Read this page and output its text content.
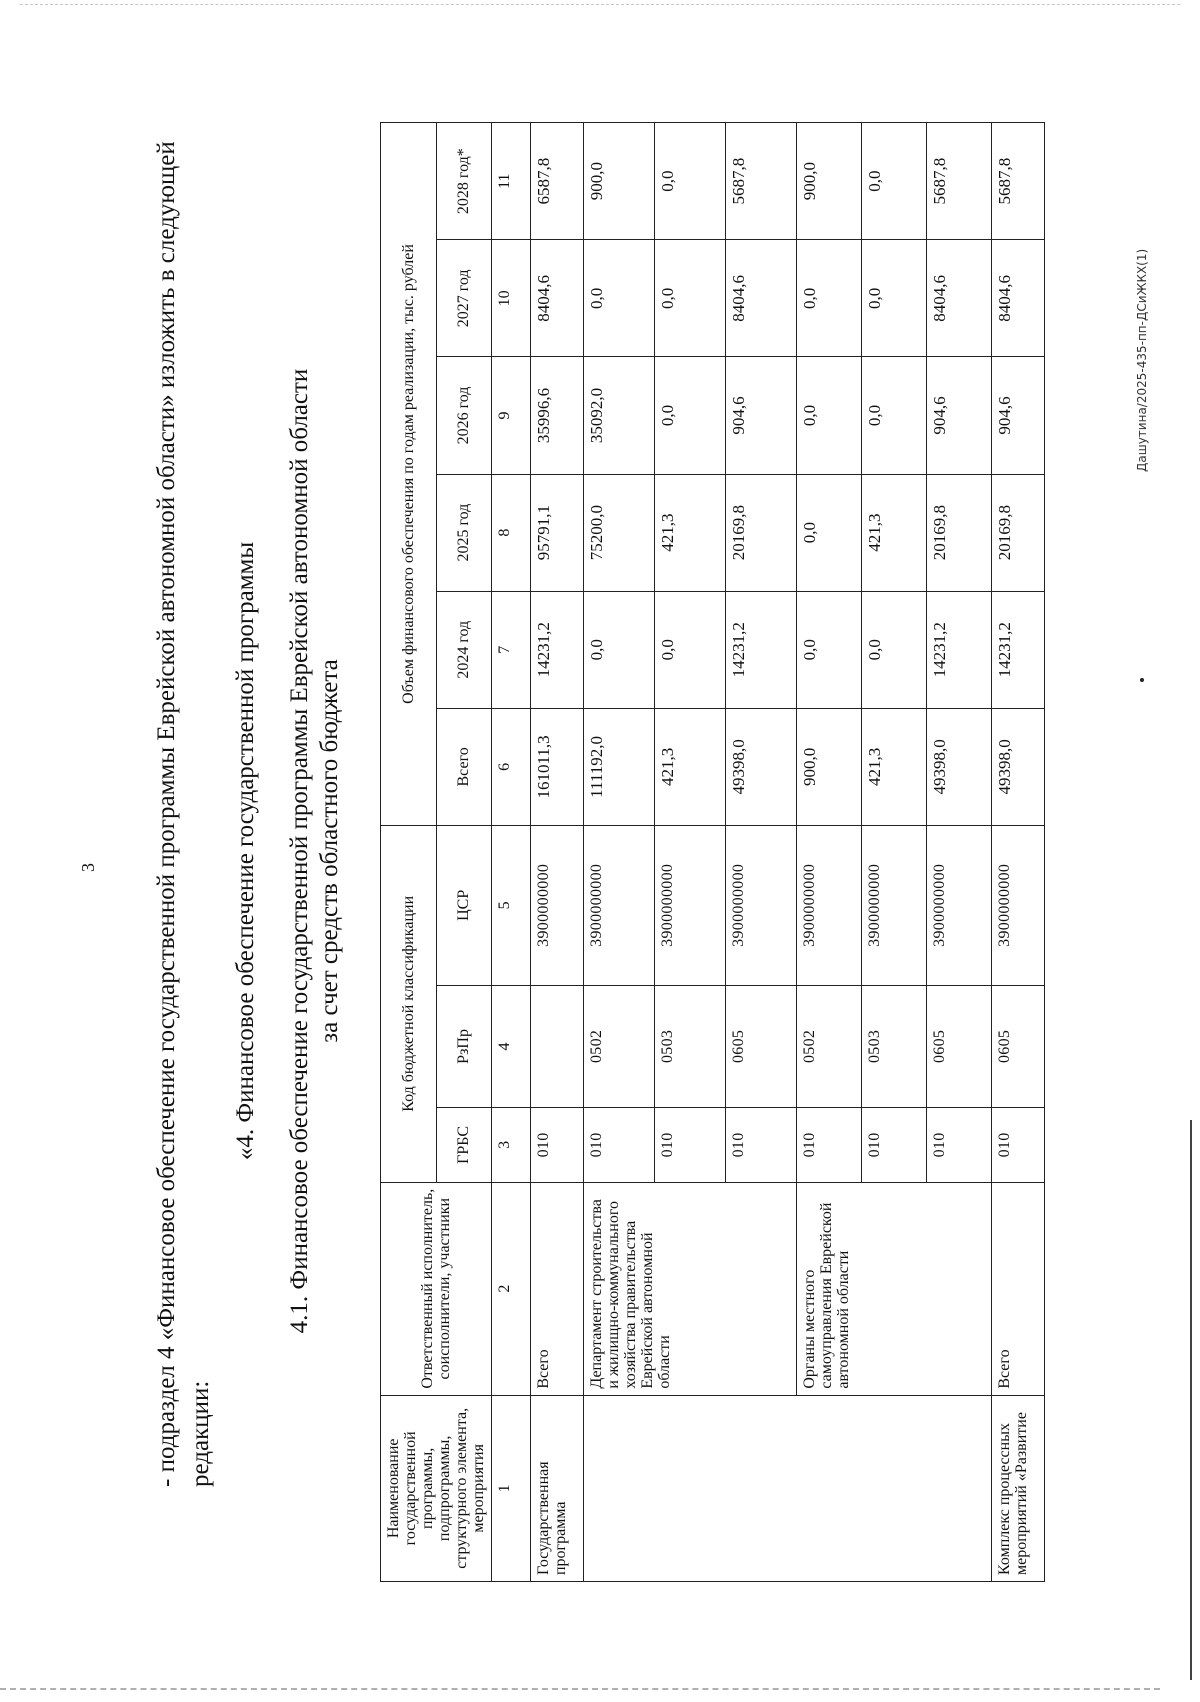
3 - подраздел 4 «Финансовое обеспечение государственной программы Еврейской автономной области» изложить в следующей редакции:
«4. Финансовое обеспечение государственной программы 4.1. Финансовое обеспечение государственной программы Еврейской автономной области за счет средств областного бюджета
Наименование государственной программы, подпрограммы, структурного элемента, мероприятия	Ответственный исполнитель, соисполнители, участники	Код бюджетной классификации			Объем финансового обеспечения по годам реализации, тыс. рублей					
		ГРБС	РзПр	ЦСР	Всего	2024 год	2025 год	2026 год	2027 год	2028 год*
1	2	3	4	5	6	7	8	9	10	11
Государственная программа	Всего	010		3900000000	161011,3	14231,2	95791,1	35996,6	8404,6	6587,8
	Департамент строительства и жилищно-коммунального хозяйства правительства Еврейской автономной области	010	0502	3900000000	111192,0	0,0	75200,0	35092,0	0,0	900,0
		010	0503	3900000000	421,3	0,0	421,3	0,0	0,0	0,0
		010	0605	3900000000	49398,0	14231,2	20169,8	904,6	8404,6	5687,8
	Органы местного самоуправления Еврейской автономной области	010	0502	3900000000	900,0	0,0	0,0	0,0	0,0	900,0
		010	0503	3900000000	421,3	0,0	421,3	0,0	0,0	0,0
		010	0605	3900000000	49398,0	14231,2	20169,8	904,6	8404,6	5687,8
Комплекс процессных мероприятий «Развитие	Всего	010	0605	3900000000	49398,0	14231,2	20169,8	904,6	8404,6	5687,8
Дашутина/2025-435-пп-ДСиЖКХ(1)
